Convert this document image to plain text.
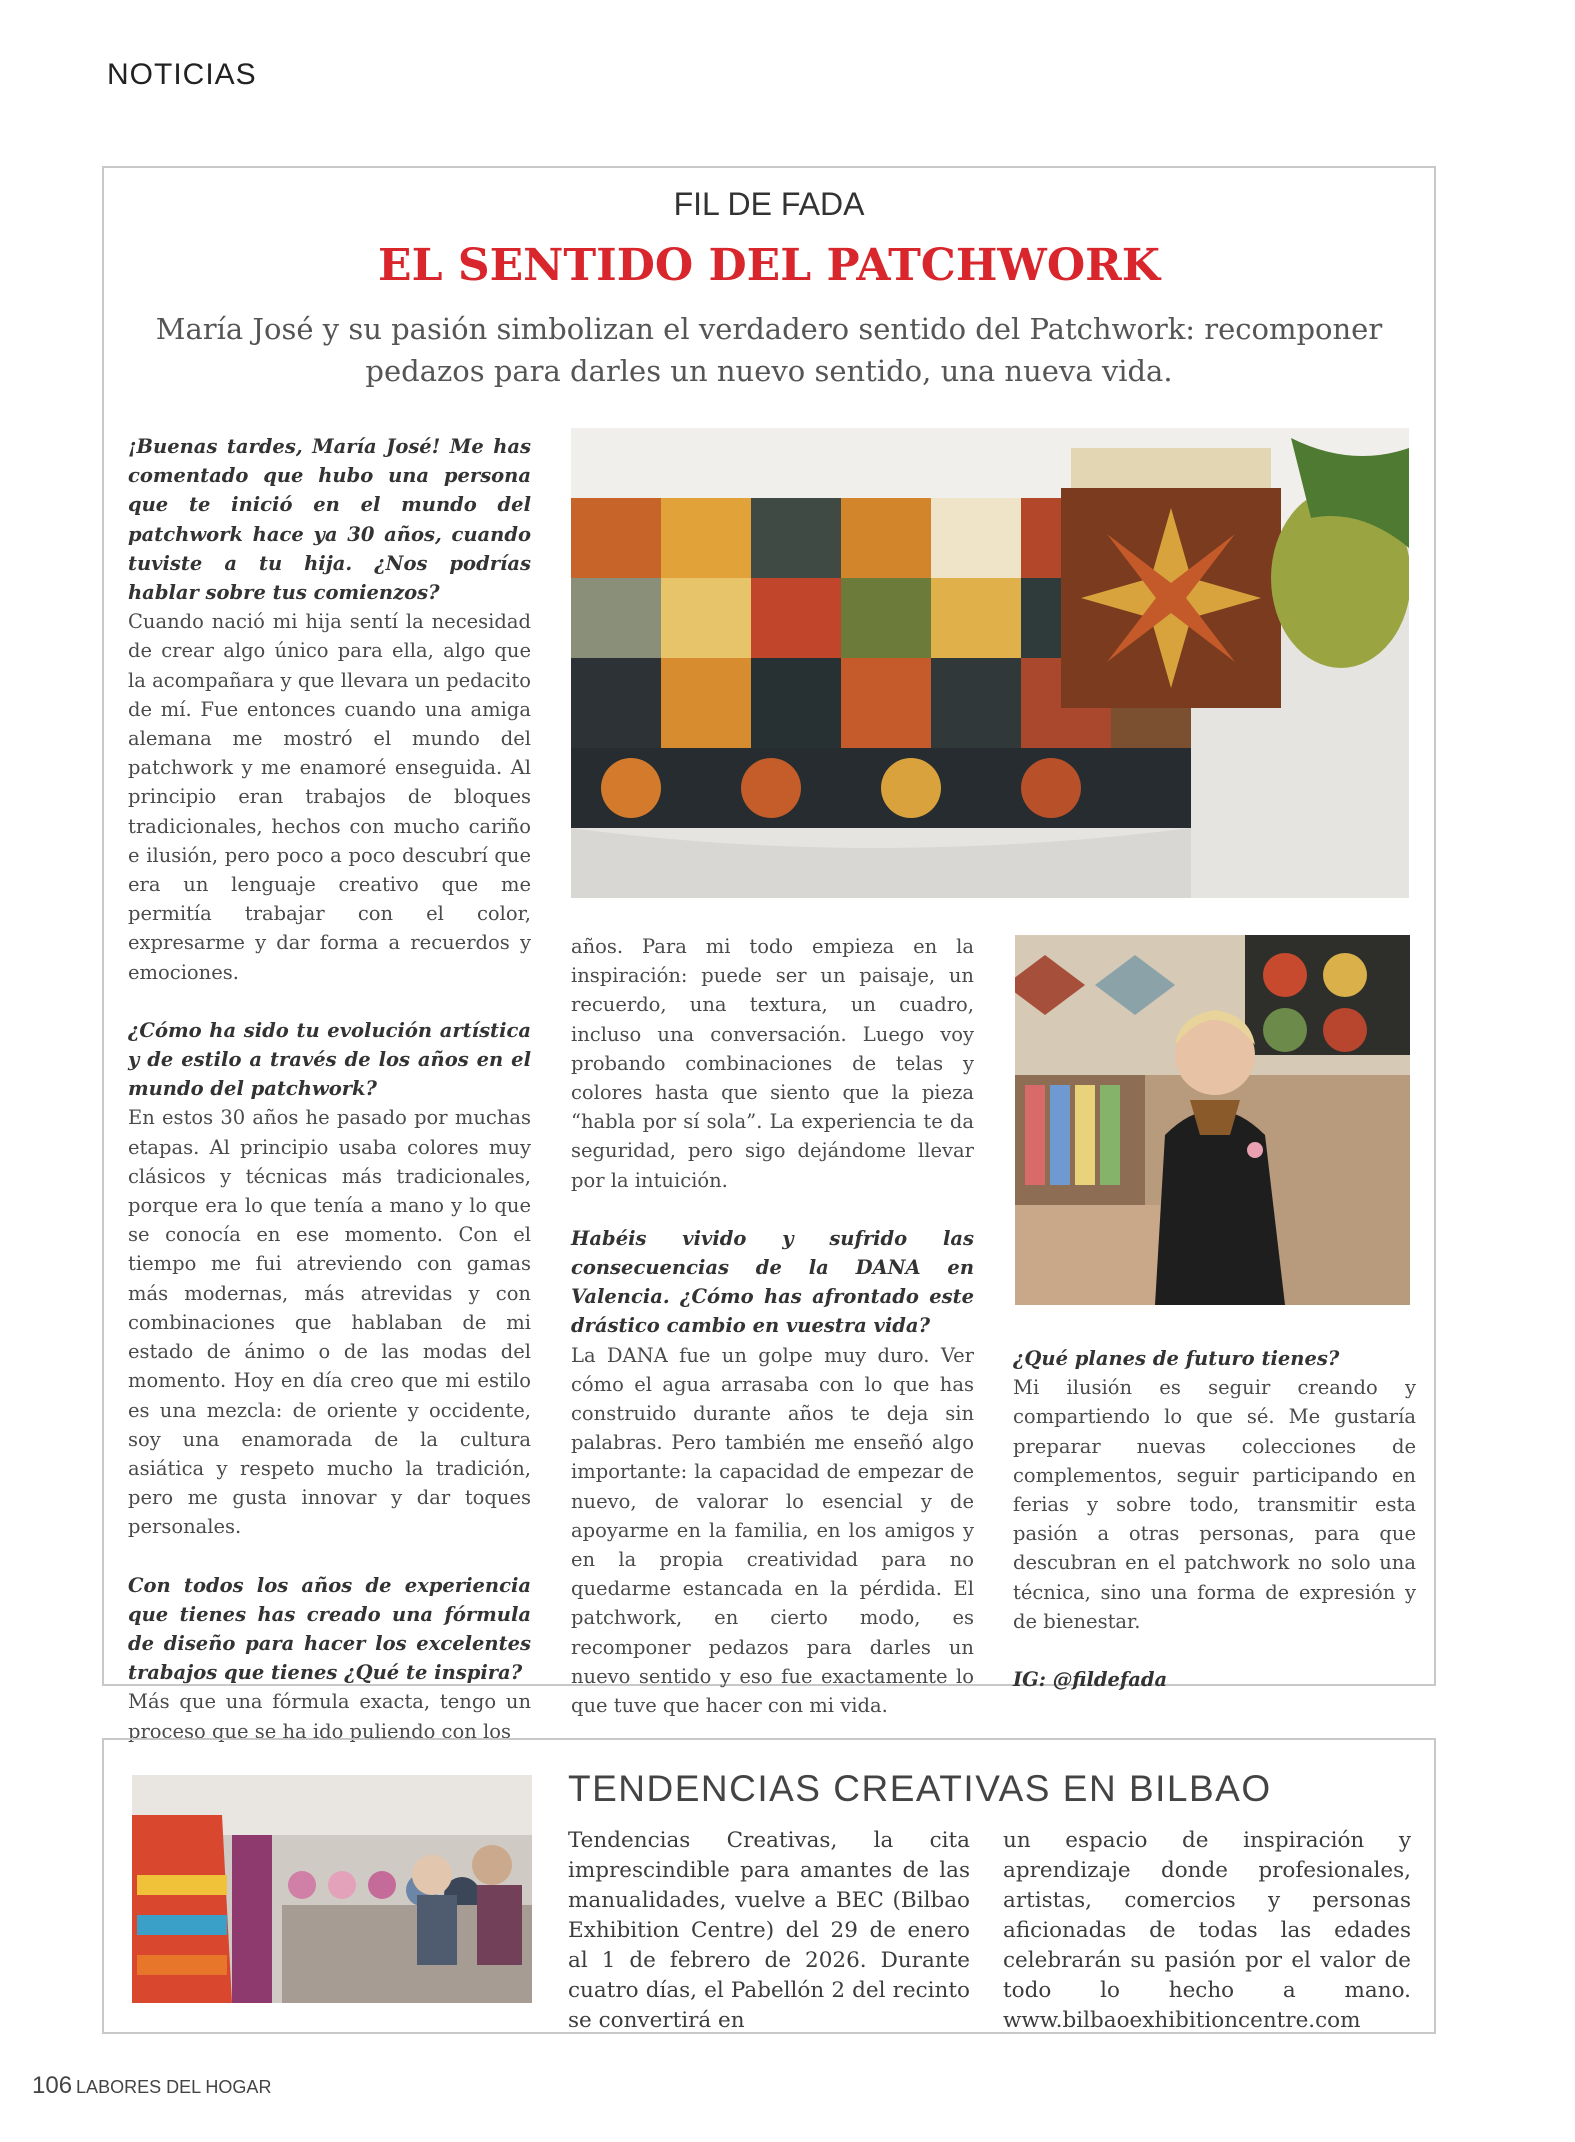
NOTICIAS
FIL DE FADA
EL SENTIDO DEL PATCHWORK
María José y su pasión simbolizan el verdadero sentido del Patchwork: recomponer pedazos para darles un nuevo sentido, una nueva vida.

¡Buenas tardes, María José! Me has comentado que hubo una persona que te inició en el mundo del patchwork hace ya 30 años, cuando tuviste a tu hija. ¿Nos podrías hablar sobre tus comienzos?

Cuando nació mi hija sentí la necesidad de crear algo único para ella, algo que la acompañara y que llevara un pedacito de mí. Fue entonces cuando una amiga alemana me mostró el mundo del patchwork y me enamoré enseguida. Al principio eran trabajos de bloques tradicionales, hechos con mucho cariño e ilusión, pero poco a poco descubrí que era un lenguaje creativo que me permitía trabajar con el color, expresarme y dar forma a recuerdos y emociones.

¿Cómo ha sido tu evolución artística y de estilo a través de los años en el mundo del patchwork?

En estos 30 años he pasado por muchas etapas. Al principio usaba colores muy clásicos y técnicas más tradicionales, porque era lo que tenía a mano y lo que se conocía en ese momento. Con el tiempo me fui atreviendo con gamas más modernas, más atrevidas y con combinaciones que hablaban de mi estado de ánimo o de las modas del momento. Hoy en día creo que mi estilo es una mezcla: de oriente y occidente, soy una enamorada de la cultura asiática y respeto mucho la tradición, pero me gusta innovar y dar toques personales.

Con todos los años de experiencia que tienes has creado una fórmula de diseño para hacer los excelentes trabajos que tienes ¿Qué te inspira?

Más que una fórmula exacta, tengo un proceso que se ha ido puliendo con los

años. Para mi todo empieza en la inspiración: puede ser un paisaje, un recuerdo, una textura, un cuadro, incluso una conversación. Luego voy probando combinaciones de telas y colores hasta que siento que la pieza “habla por sí sola”. La experiencia te da seguridad, pero sigo dejándome llevar por la intuición.

Habéis vivido y sufrido las consecuencias de la DANA en Valencia. ¿Cómo has afrontado este drástico cambio en vuestra vida?

La DANA fue un golpe muy duro. Ver cómo el agua arrasaba con lo que has construido durante años te deja sin palabras. Pero también me enseñó algo importante: la capacidad de empezar de nuevo, de valorar lo esencial y de apoyarme en la familia, en los amigos y en la propia creatividad para no quedarme estancada en la pérdida. El patchwork, en cierto modo, es recomponer pedazos para darles un nuevo sentido y eso fue exactamente lo que tuve que hacer con mi vida.

¿Qué planes de futuro tienes?

Mi ilusión es seguir creando y compartiendo lo que sé. Me gustaría preparar nuevas colecciones de complementos, seguir participando en ferias y sobre todo, transmitir esta pasión a otras personas, para que descubran en el patchwork no solo una técnica, sino una forma de expresión y de bienestar.

IG: @fildefada

TENDENCIAS CREATIVAS EN BILBAO
Tendencias Creativas, la cita imprescindible para amantes de las manualidades, vuelve a BEC (Bilbao Exhibition Centre) del 29 de enero al 1 de febrero de 2026. Durante cuatro días, el Pabellón 2 del recinto se convertirá en
un espacio de inspiración y aprendizaje donde profesionales, artistas, comercios y personas aficionadas de todas las edades celebrarán su pasión por el valor de todo lo hecho a mano. www.bilbaoexhibitioncentre.com
106 LABORES DEL HOGAR
